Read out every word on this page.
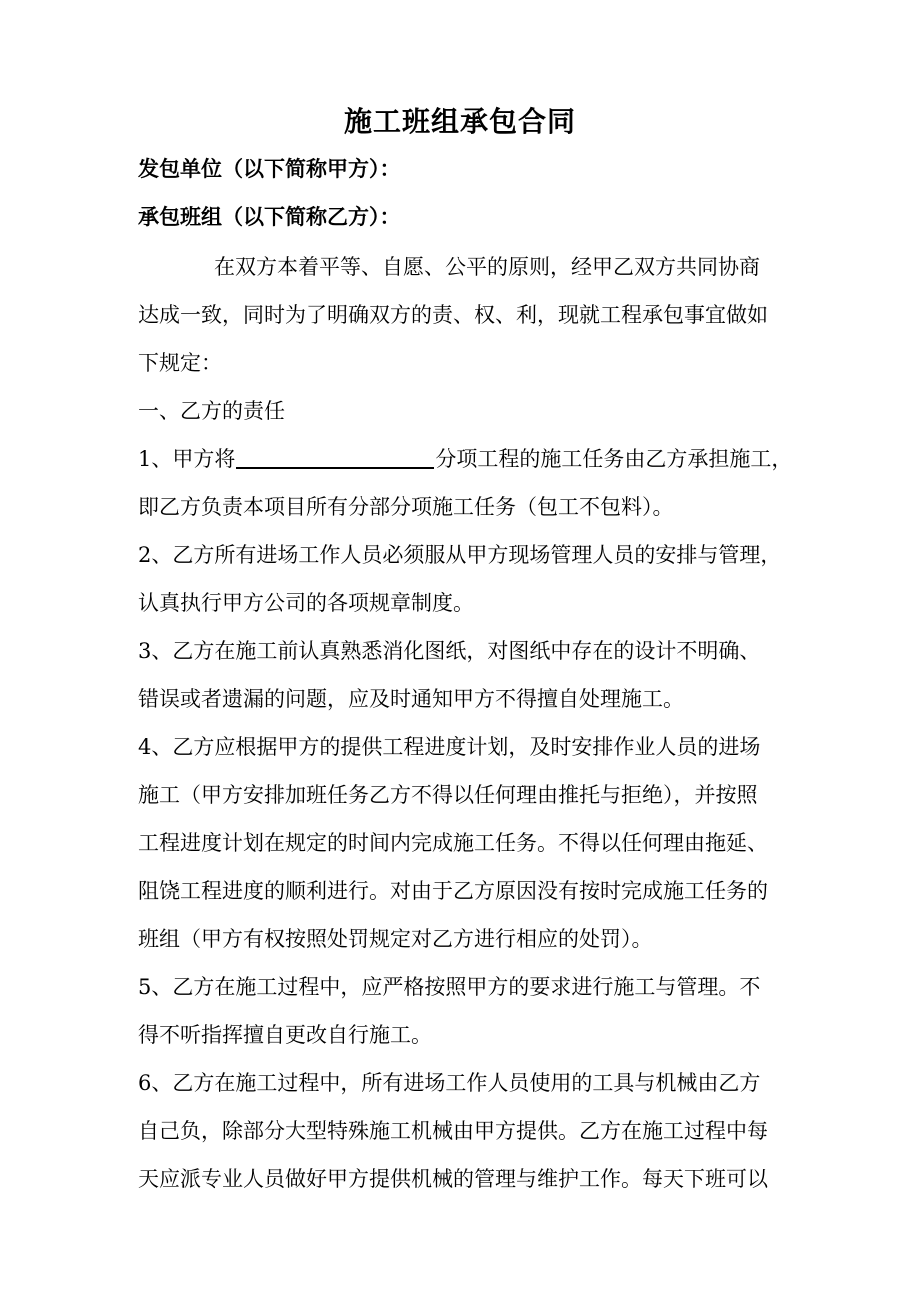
施工班组承包合同
发包单位（以下简称甲方）：
承包班组（以下简称乙方）：
在双方本着平等、自愿、公平的原则，经甲乙双方共同协商
达成一致，同时为了明确双方的责、权、利，现就工程承包事宜做如
下规定：
一、乙方的责任
1、甲方将	分项工程的施工任务由乙方承担施工，
即乙方负责本项目所有分部分项施工任务（包工不包料）。
2、乙方所有进场工作人员必须服从甲方现场管理人员的安排与管理，
认真执行甲方公司的各项规章制度。
3、乙方在施工前认真熟悉消化图纸，对图纸中存在的设计不明确、
错误或者遗漏的问题，应及时通知甲方不得擅自处理施工。
4、乙方应根据甲方的提供工程进度计划，及时安排作业人员的进场
施工（甲方安排加班任务乙方不得以任何理由推托与拒绝），并按照
工程进度计划在规定的时间内完成施工任务。不得以任何理由拖延、
阻饶工程进度的顺利进行。对由于乙方原因没有按时完成施工任务的
班组（甲方有权按照处罚规定对乙方进行相应的处罚）。
5、乙方在施工过程中，应严格按照甲方的要求进行施工与管理。不
得不听指挥擅自更改自行施工。
6、乙方在施工过程中，所有进场工作人员使用的工具与机械由乙方
自己负，除部分大型特殊施工机械由甲方提供。乙方在施工过程中每
天应派专业人员做好甲方提供机械的管理与维护工作。每天下班可以
